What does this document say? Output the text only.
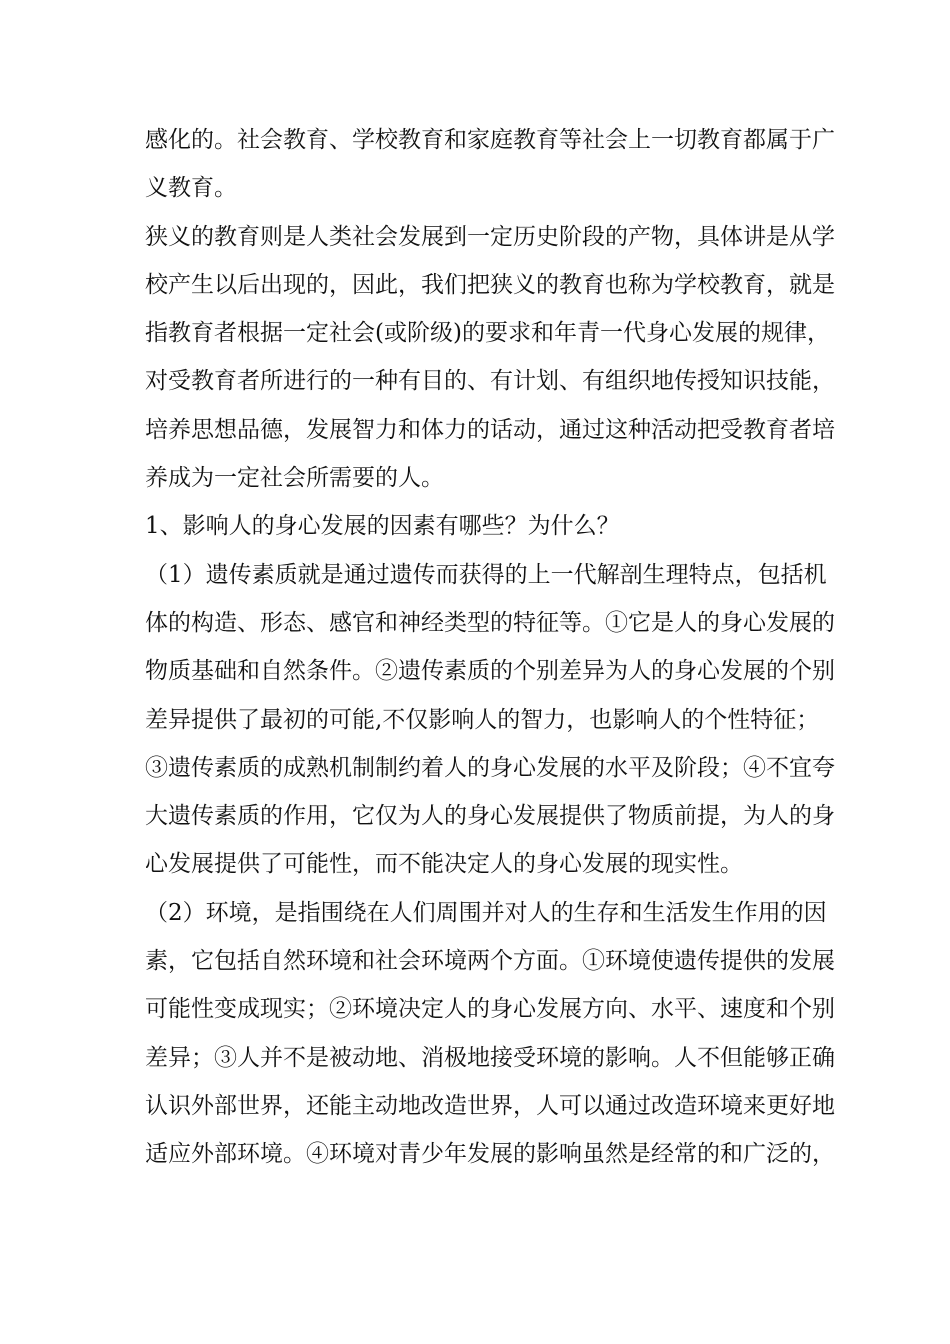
感化的。社会教育、学校教育和家庭教育等社会上一切教育都属于广
义教育。
狭义的教育则是人类社会发展到一定历史阶段的产物，具体讲是从学
校产生以后出现的，因此，我们把狭义的教育也称为学校教育，就是
指教育者根据一定社会(或阶级)的要求和年青一代身心发展的规律，
对受教育者所进行的一种有目的、有计划、有组织地传授知识技能，
培养思想品德，发展智力和体力的话动，通过这种活动把受教育者培
养成为一定社会所需要的人。
1、影响人的身心发展的因素有哪些？为什么？
（1）遗传素质就是通过遗传而获得的上一代解剖生理特点，包括机
体的构造、形态、感官和神经类型的特征等。①它是人的身心发展的
物质基础和自然条件。②遗传素质的个别差异为人的身心发展的个别
差异提供了最初的可能,不仅影响人的智力，也影响人的个性特征；
③遗传素质的成熟机制制约着人的身心发展的水平及阶段；④不宜夸
大遗传素质的作用，它仅为人的身心发展提供了物质前提，为人的身
心发展提供了可能性，而不能决定人的身心发展的现实性。
（2）环境，是指围绕在人们周围并对人的生存和生活发生作用的因
素，它包括自然环境和社会环境两个方面。①环境使遗传提供的发展
可能性变成现实；②环境决定人的身心发展方向、水平、速度和个别
差异；③人并不是被动地、消极地接受环境的影响。人不但能够正确
认识外部世界，还能主动地改造世界，人可以通过改造环境来更好地
适应外部环境。④环境对青少年发展的影响虽然是经常的和广泛的，
